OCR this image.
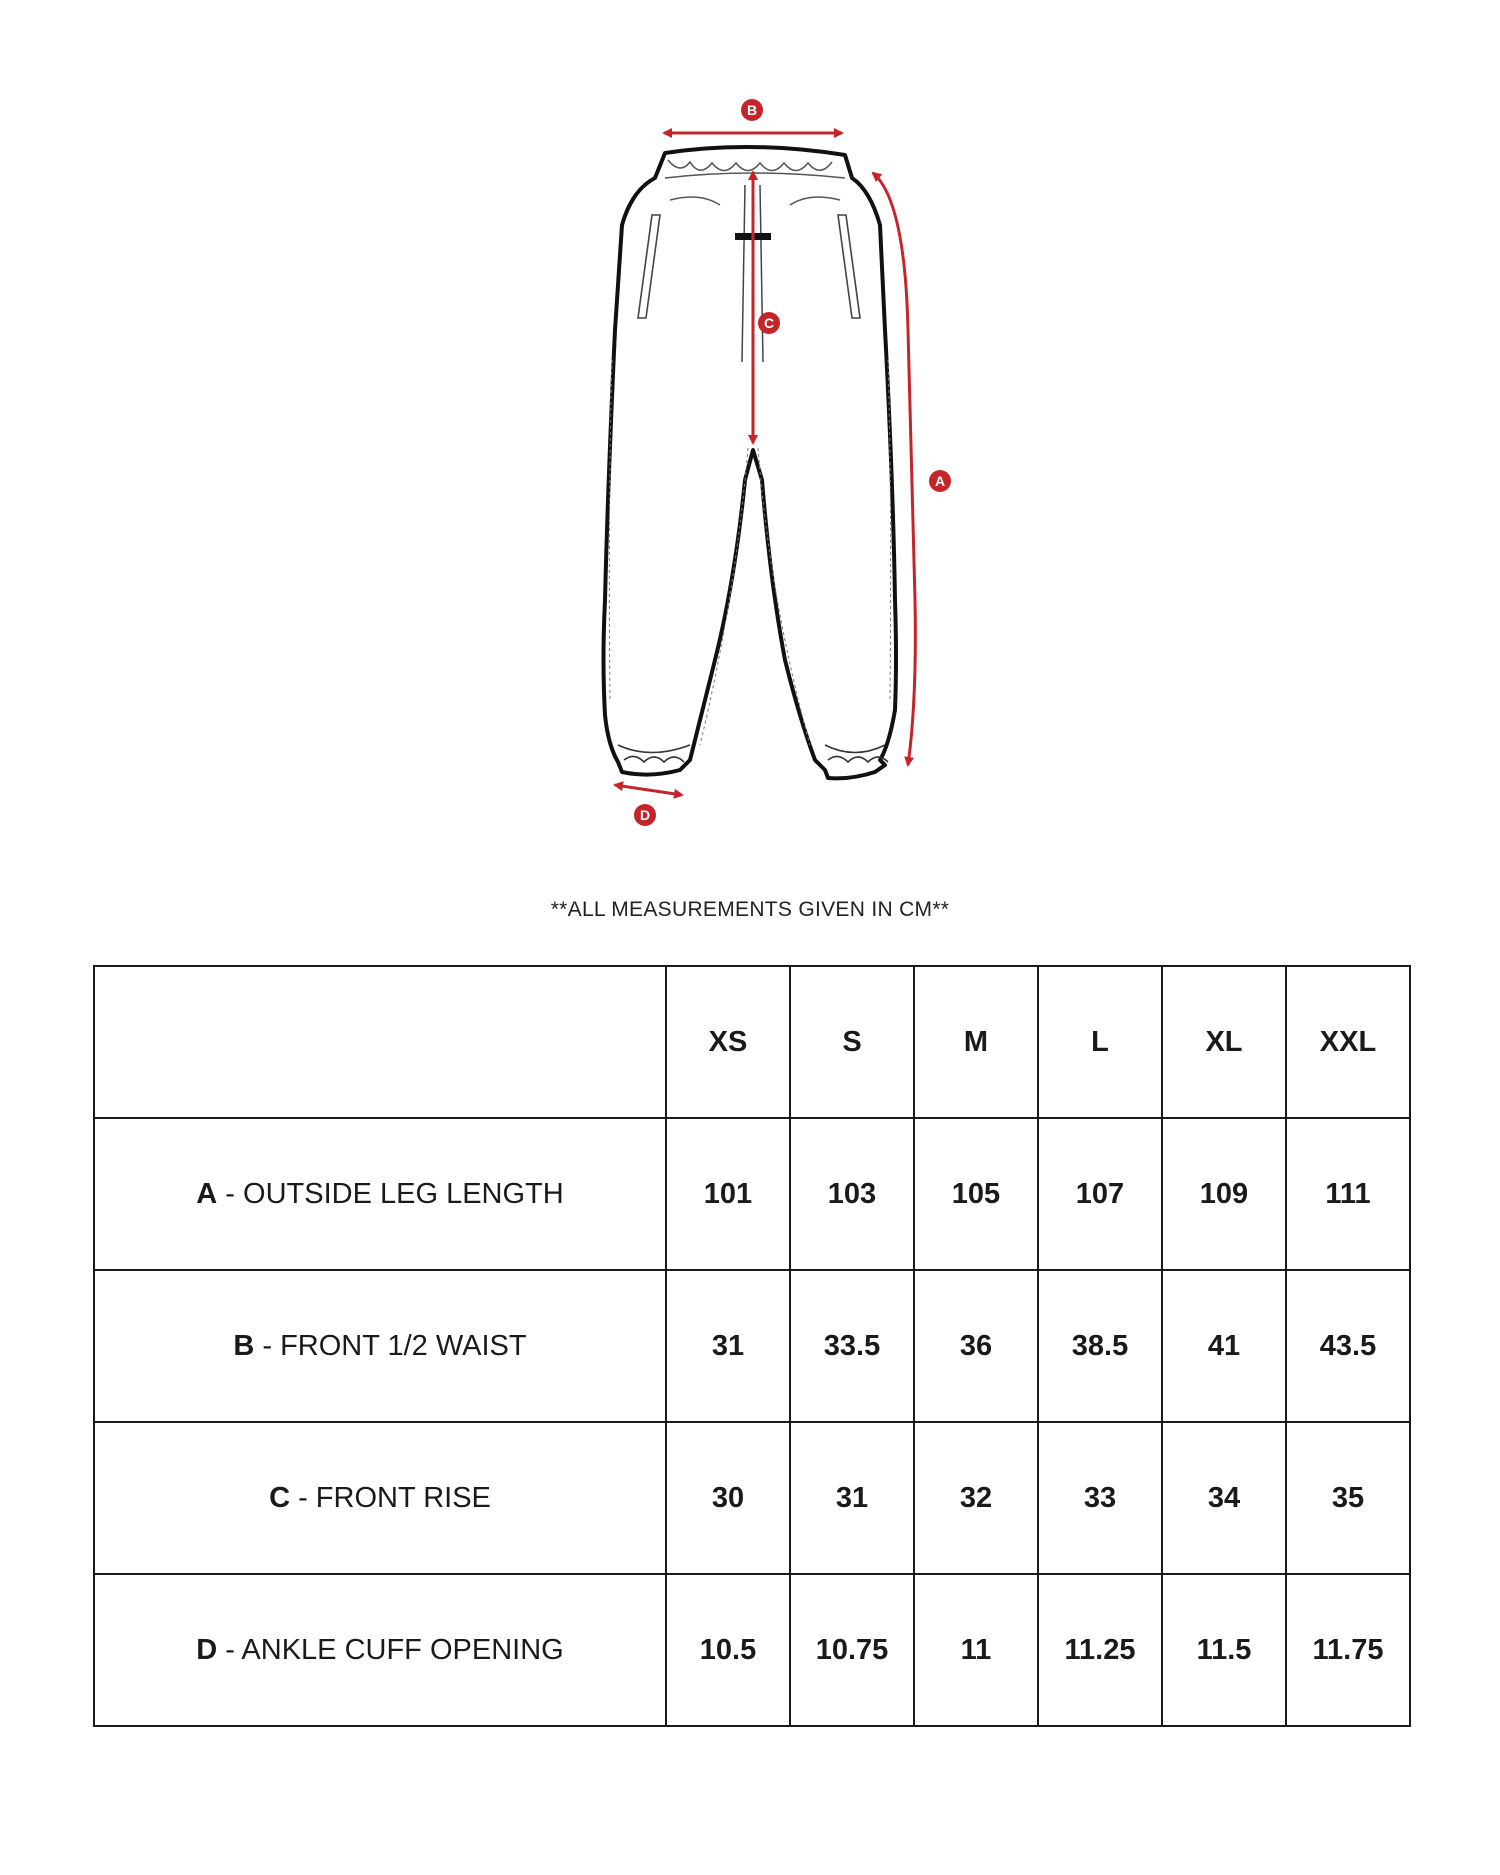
B
C
A
D
**ALL MEASUREMENTS GIVEN IN CM**
	XS	S	M	L	XL	XXL
A - OUTSIDE LEG LENGTH	101	103	105	107	109	111
B - FRONT 1/2 WAIST	31	33.5	36	38.5	41	43.5
C - FRONT RISE	30	31	32	33	34	35
D - ANKLE CUFF OPENING	10.5	10.75	11	11.25	11.5	11.75
